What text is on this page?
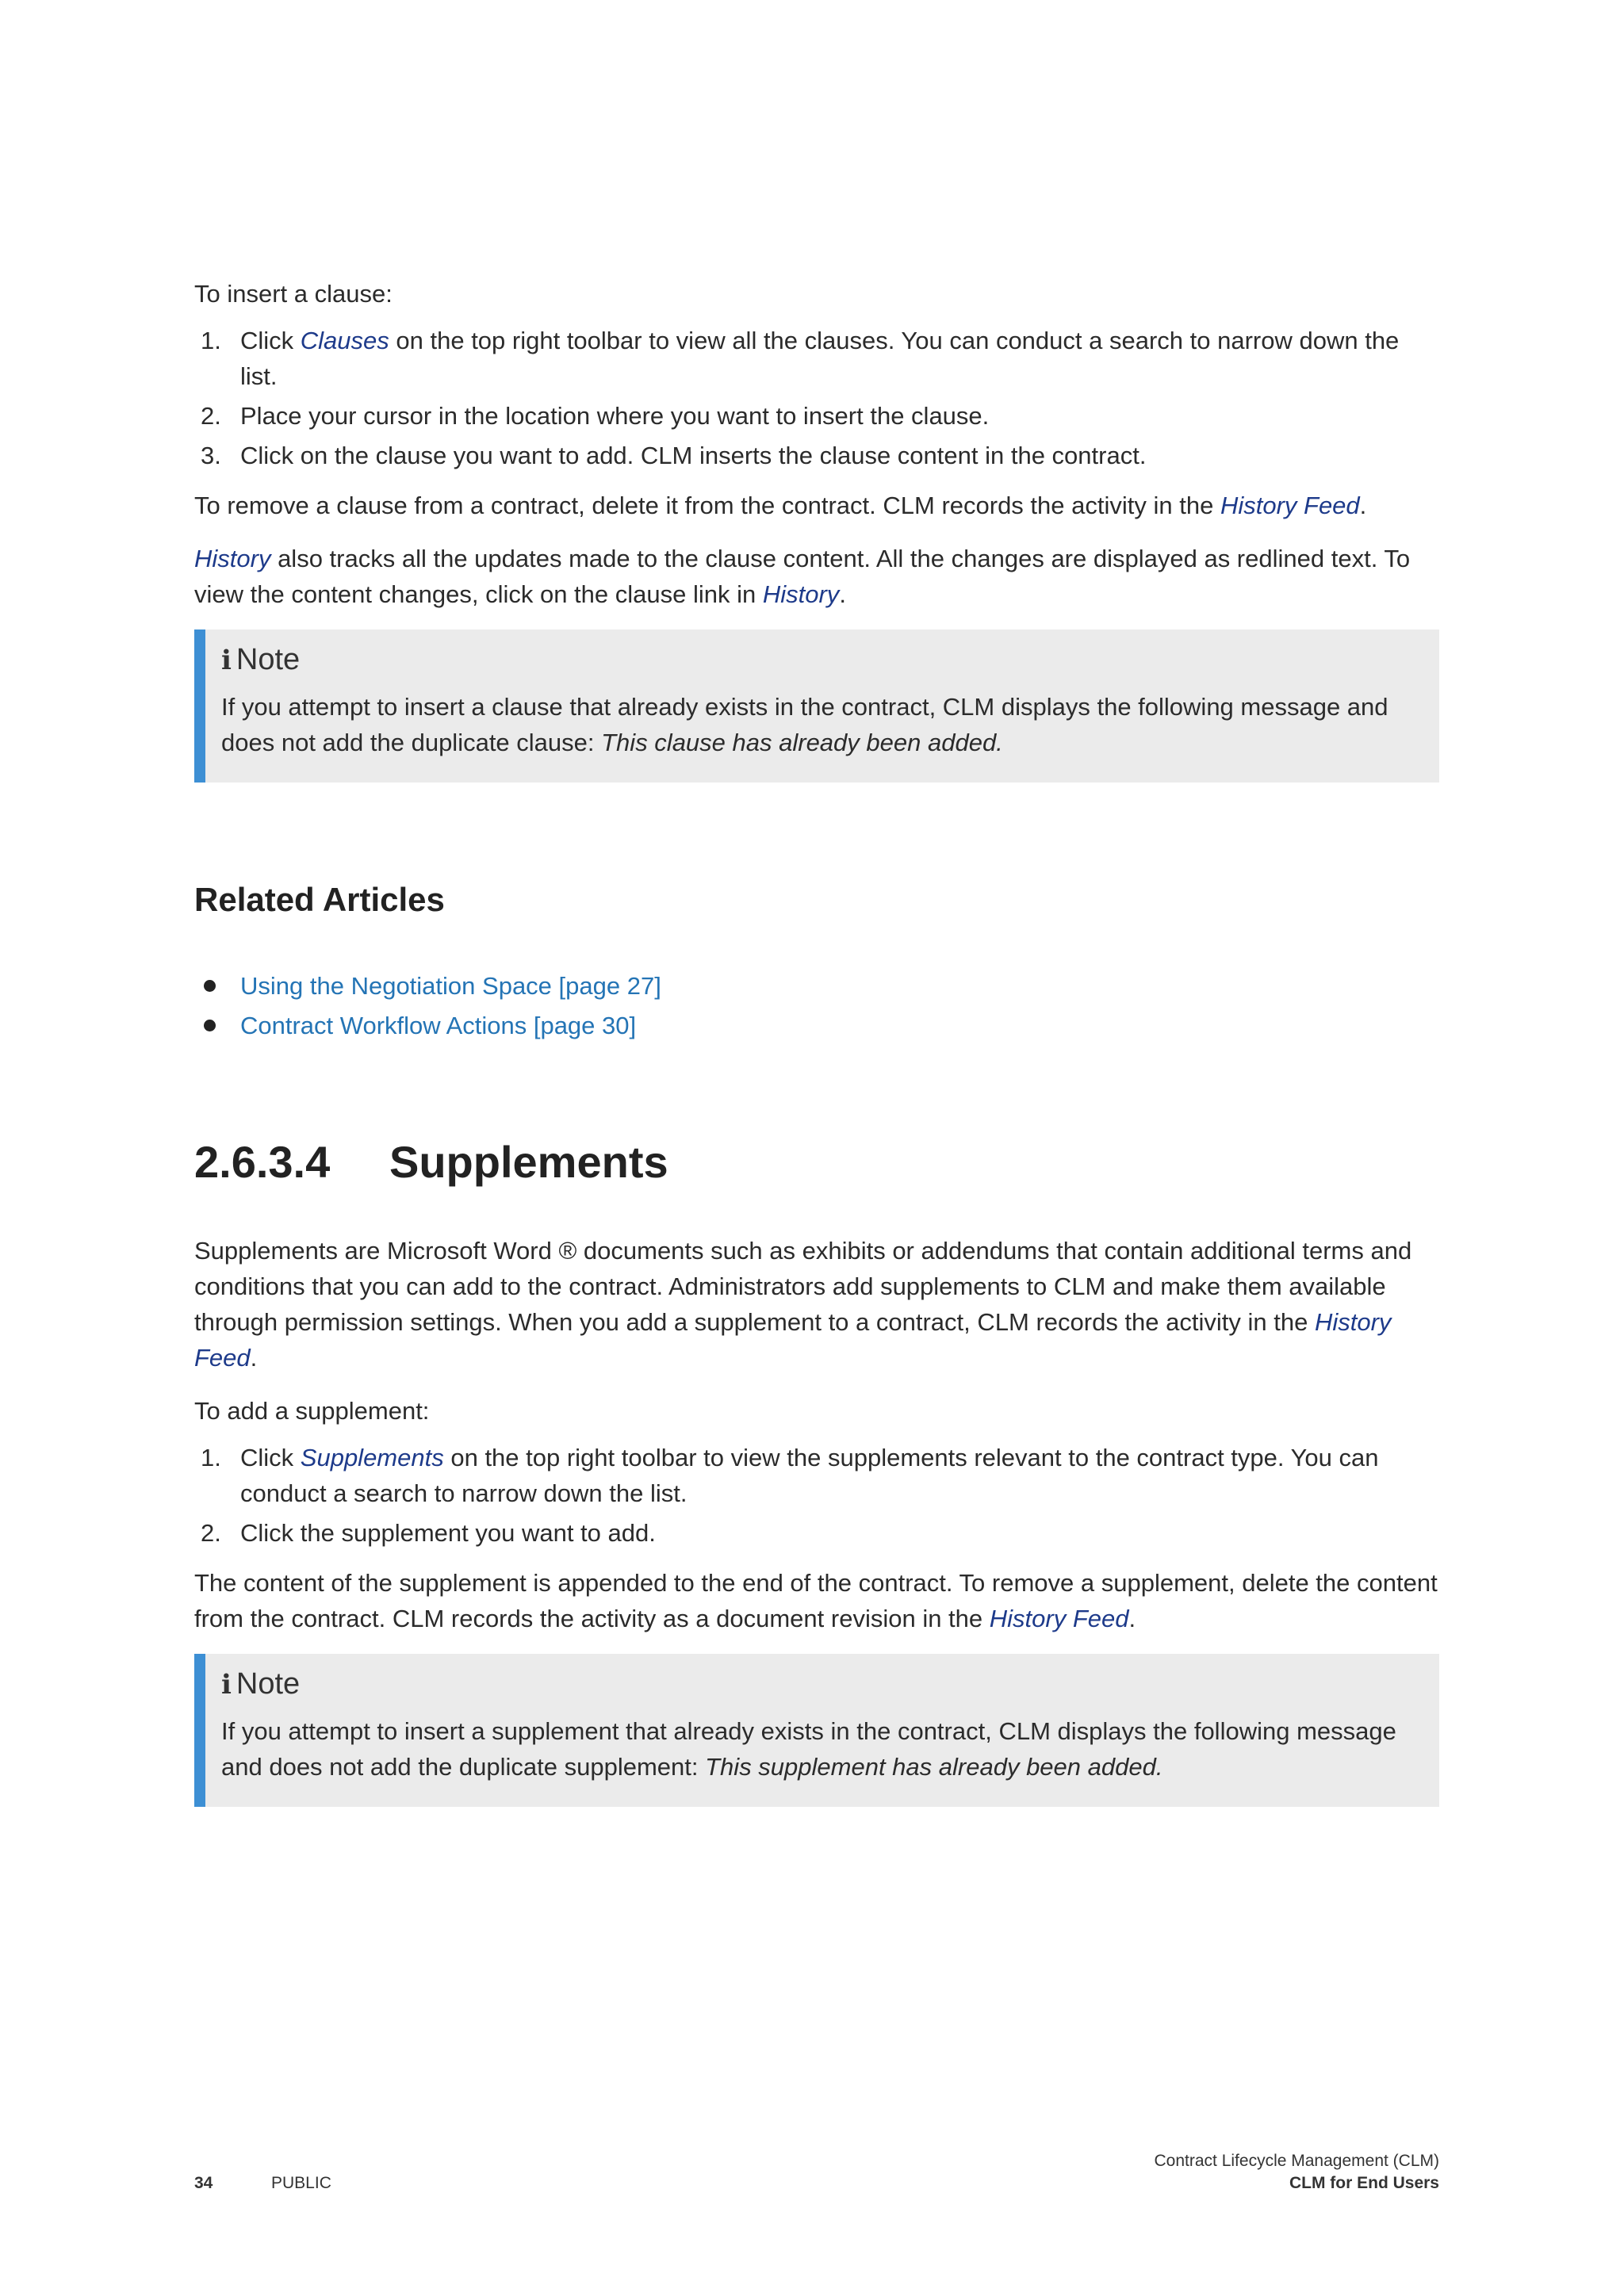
To insert a clause:

1. Click Clauses on the top right toolbar to view all the clauses. You can conduct a search to narrow down the list.
2. Place your cursor in the location where you want to insert the clause.
3. Click on the clause you want to add. CLM inserts the clause content in the contract.

To remove a clause from a contract, delete it from the contract. CLM records the activity in the History Feed.

History also tracks all the updates made to the clause content. All the changes are displayed as redlined text. To view the content changes, click on the clause link in History.

i Note

If you attempt to insert a clause that already exists in the contract, CLM displays the following message and does not add the duplicate clause: This clause has already been added.

Related Articles
Using the Negotiation Space [page 27]
Contract Workflow Actions [page 30]
2.6.3.4 Supplements

Supplements are Microsoft Word ® documents such as exhibits or addendums that contain additional terms and conditions that you can add to the contract. Administrators add supplements to CLM and make them available through permission settings. When you add a supplement to a contract, CLM records the activity in the History Feed.

To add a supplement:

1. Click Supplements on the top right toolbar to view the supplements relevant to the contract type. You can conduct a search to narrow down the list.
2. Click the supplement you want to add.

The content of the supplement is appended to the end of the contract. To remove a supplement, delete the content from the contract. CLM records the activity as a document revision in the History Feed.

i Note

If you attempt to insert a supplement that already exists in the contract, CLM displays the following message and does not add the duplicate supplement: This supplement has already been added.

34	PUBLIC
Contract Lifecycle Management (CLM)
CLM for End Users
